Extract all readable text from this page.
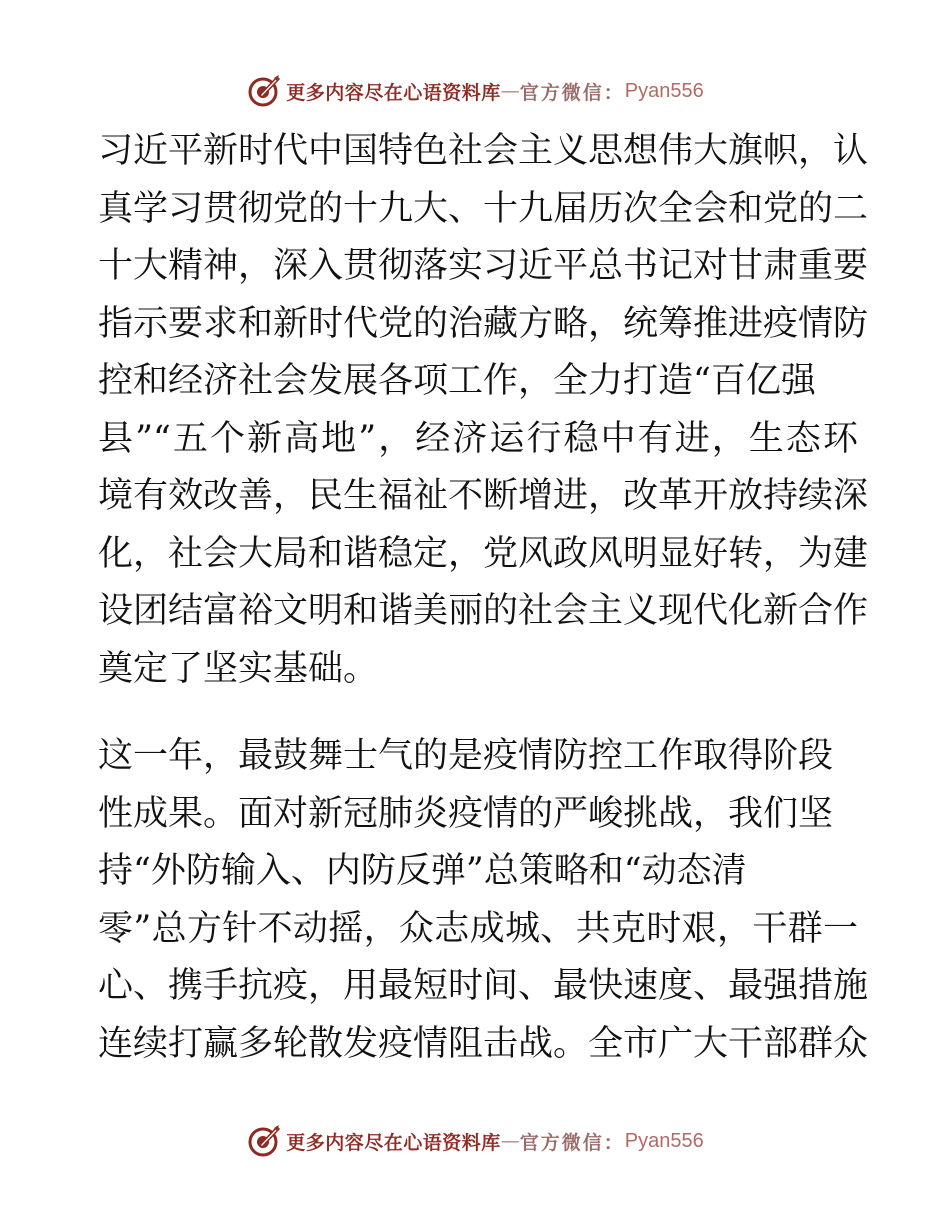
更多内容尽在心语资料库 — 官方微信： Pyan556
习近平新时代中国特色社会主义思想伟大旗帜，认
真学习贯彻党的十九大、十九届历次全会和党的二
十大精神，深入贯彻落实习近平总书记对甘肃重要
指示要求和新时代党的治藏方略，统筹推进疫情防
控和经济社会发展各项工作，全力打造“百亿强
县”“五个新高地”，经济运行稳中有进，生态环
境有效改善，民生福祉不断增进，改革开放持续深
化，社会大局和谐稳定，党风政风明显好转，为建
设团结富裕文明和谐美丽的社会主义现代化新合作
奠定了坚实基础。
这一年，最鼓舞士气的是疫情防控工作取得阶段
性成果。面对新冠肺炎疫情的严峻挑战，我们坚
持“外防输入、内防反弹”总策略和“动态清
零”总方针不动摇，众志成城、共克时艰，干群一
心、携手抗疫，用最短时间、最快速度、最强措施
连续打赢多轮散发疫情阻击战。全市广大干部群众
更多内容尽在心语资料库 — 官方微信： Pyan556
